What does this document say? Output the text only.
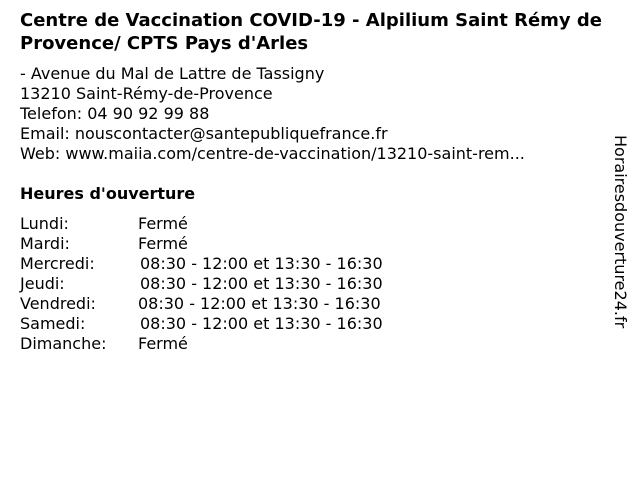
Centre de Vaccination COVID-19 - Alpilium Saint Rémy de Provence/ CPTS Pays d'Arles
- Avenue du Mal de Lattre de Tassigny
13210 Saint-Rémy-de-Provence
Telefon: 04 90 92 99 88
Email: nouscontacter@santepubliquefrance.fr
Web: www.maiia.com/centre-de-vaccination/13210-saint-rem...
Heures d'ouverture
Lundi:	Fermé
Mardi:	Fermé
Mercredi:	08:30 - 12:00 et 13:30 - 16:30
Jeudi:	08:30 - 12:00 et 13:30 - 16:30
Vendredi:	08:30 - 12:00 et 13:30 - 16:30
Samedi:	08:30 - 12:00 et 13:30 - 16:30
Dimanche: Fermé
Horairesdouverture24.fr
